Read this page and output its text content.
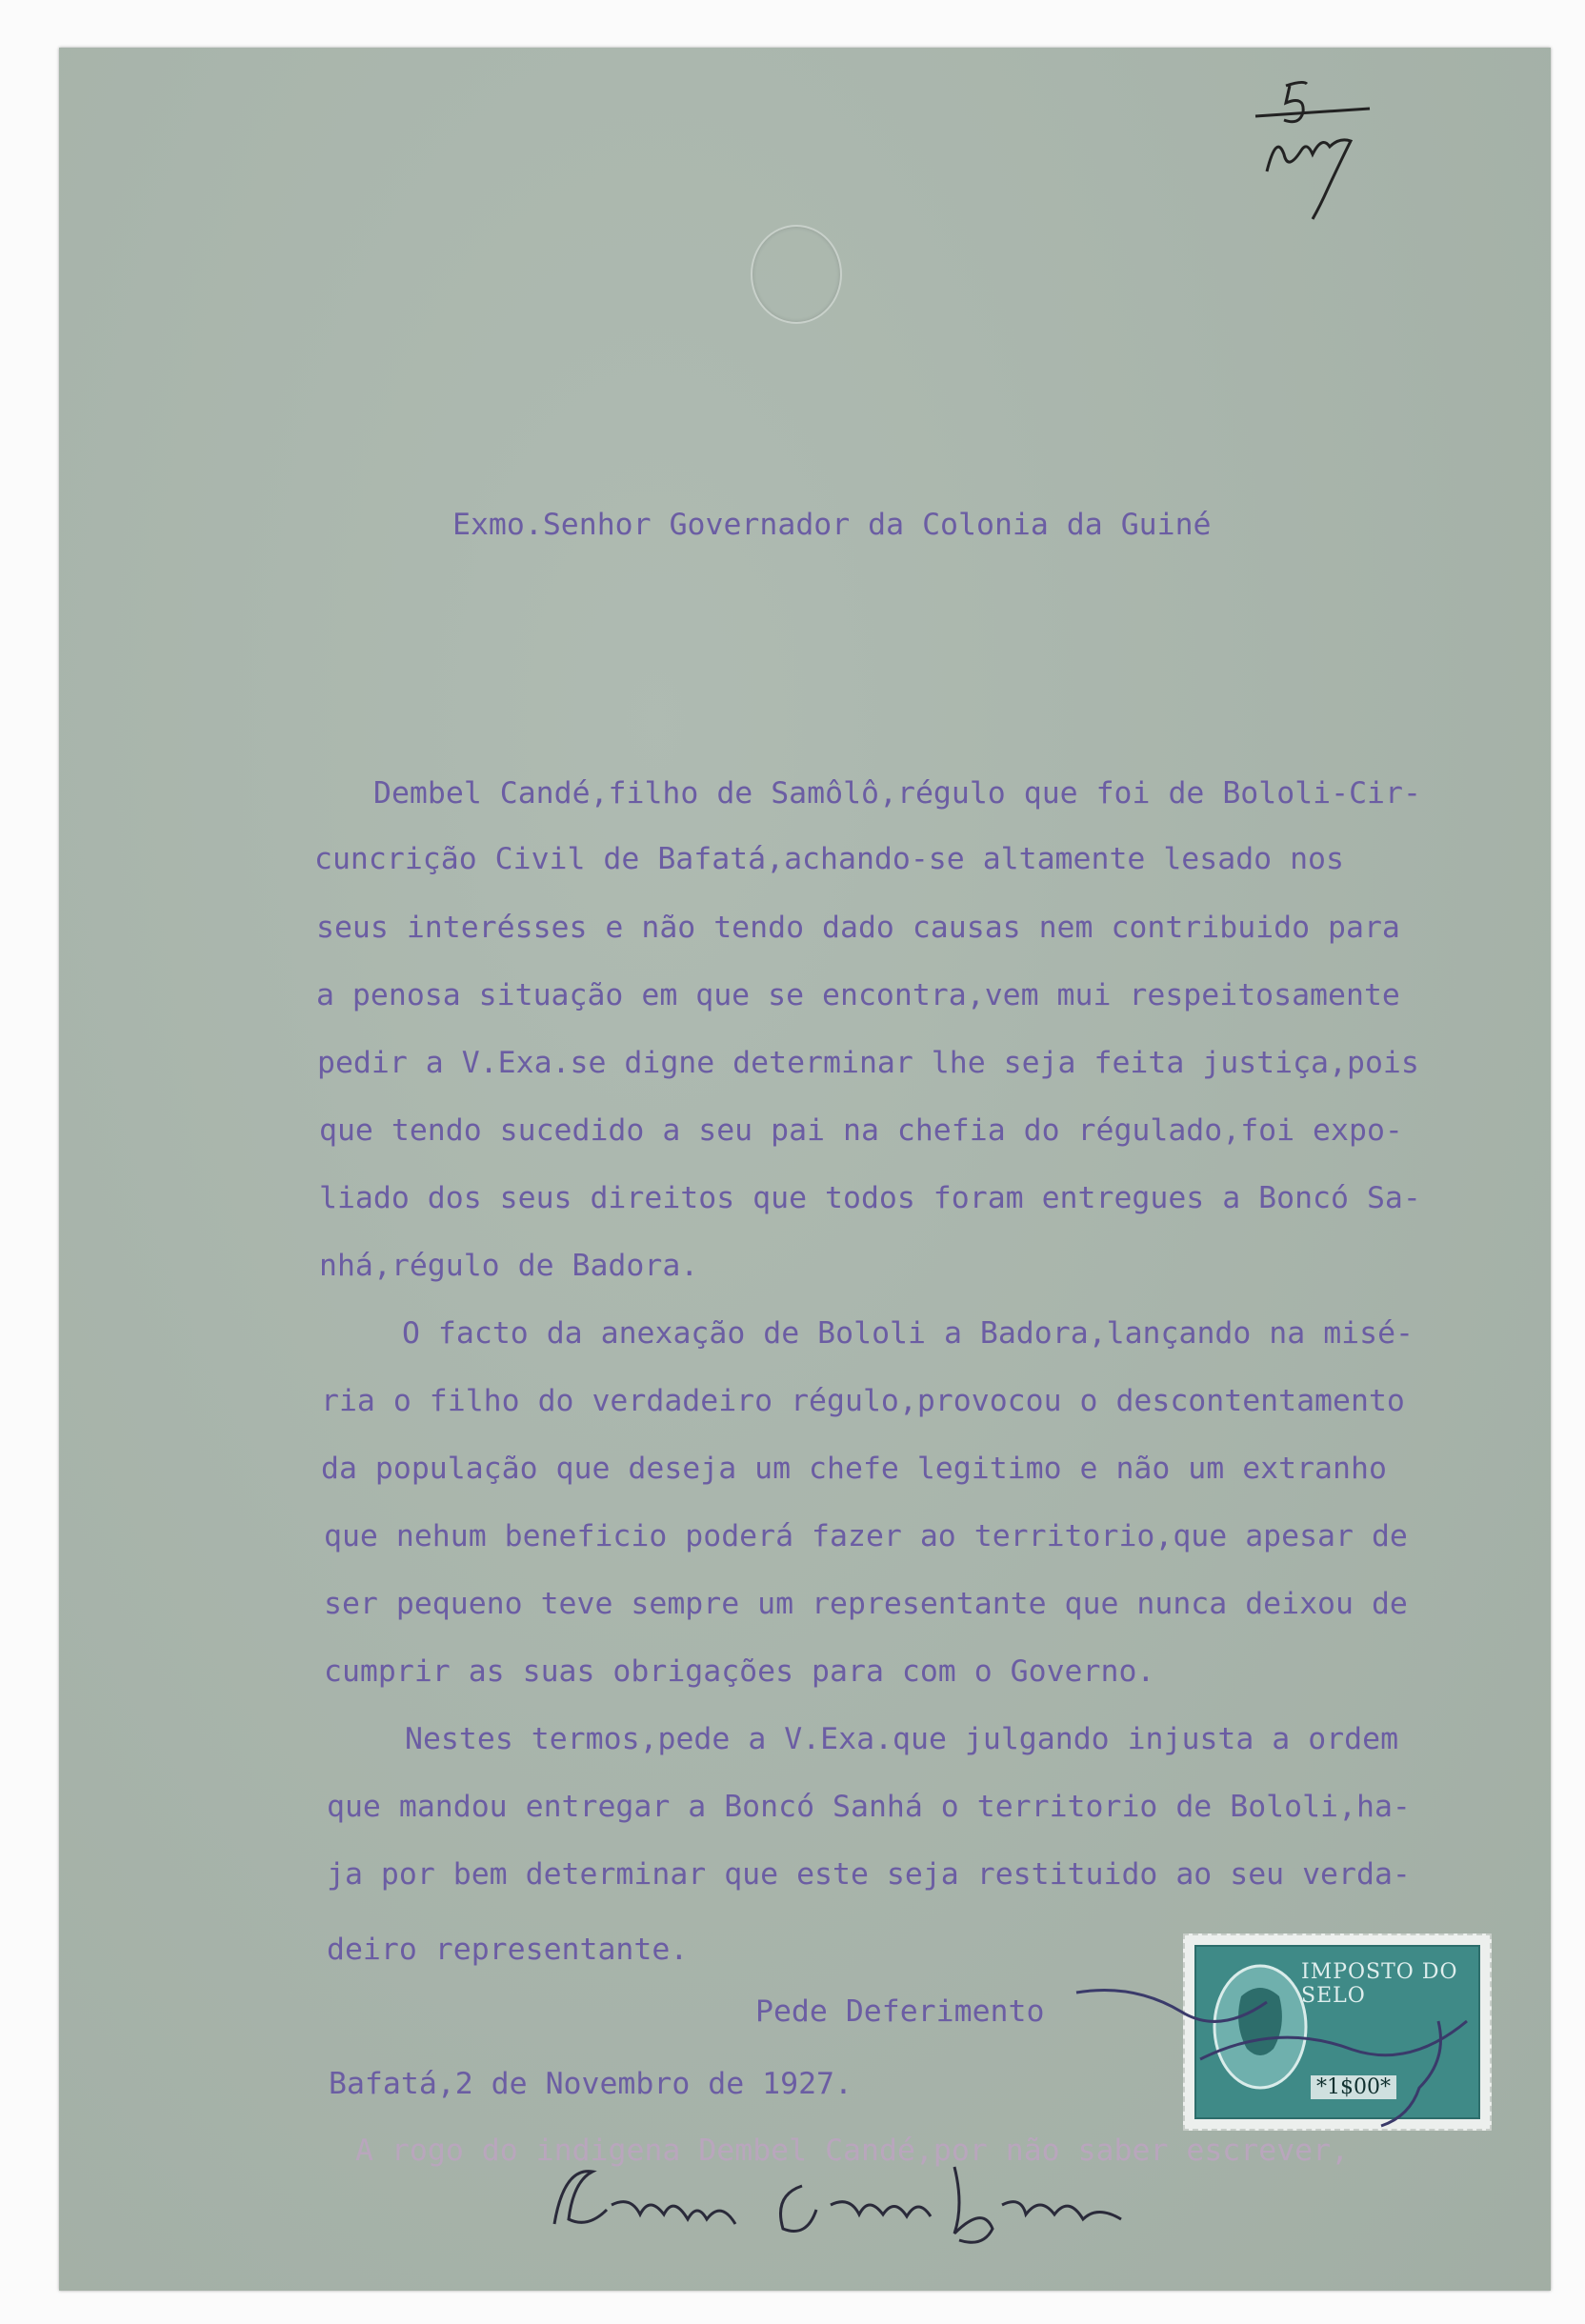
Exmo.Senhor Governador da Colonia da Guiné
Dembel Candé,filho de Samôlô,régulo que foi de Bololi-Cir-
cuncrição Civil de Bafatá,achando-se altamente lesado nos
seus interésses e não tendo dado causas nem contribuido para
a penosa situação em que se encontra,vem mui respeitosamente
pedir a V.Exa.se digne determinar lhe seja feita justiça,pois
que tendo sucedido a seu pai na chefia do régulado,foi expo-
liado dos seus direitos que todos foram entregues a Boncó Sa-
nhá,régulo de Badora.
O facto da anexação de Bololi a Badora,lançando na misé-
ria o filho do verdadeiro régulo,provocou o descontentamento
da população que deseja um chefe legitimo e não um extranho
que nehum beneficio poderá fazer ao territorio,que apesar de
ser pequeno teve sempre um representante que nunca deixou de
cumprir as suas obrigações para com o Governo.
Nestes termos,pede a V.Exa.que julgando injusta a ordem
que mandou entregar a Boncó Sanhá o territorio de Bololi,ha-
ja por bem determinar que este seja restituido ao seu verda-
deiro representante.
Pede Deferimento
Bafatá,2 de Novembro de 1927.
A rogo do indigena Dembel Candé,por não saber escrever,
IMPOSTO DO SELO
*1$00*
